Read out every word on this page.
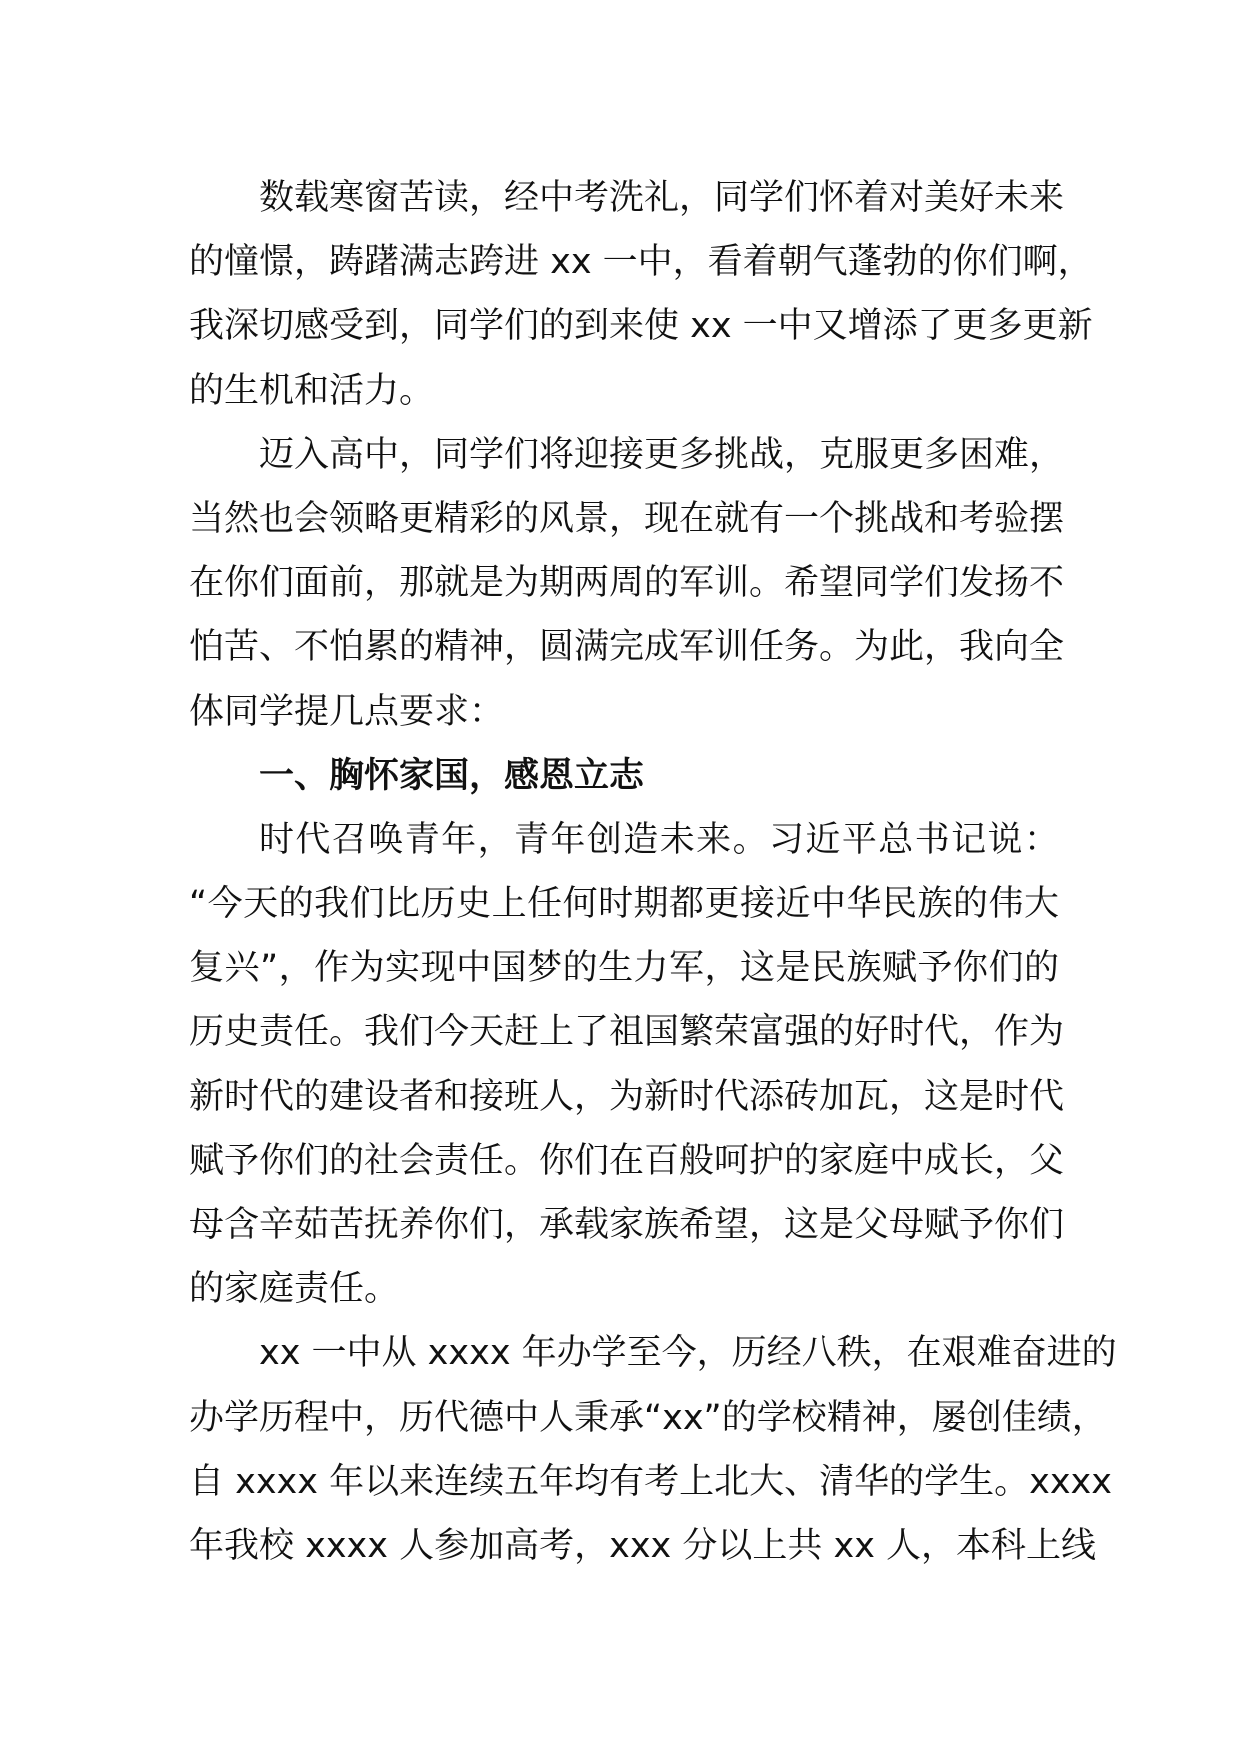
数载寒窗苦读，经中考洗礼，同学们怀着对美好未来
的憧憬，踌躇满志跨进 xx 一中，看着朝气蓬勃的你们啊，
我深切感受到，同学们的到来使 xx 一中又增添了更多更新
的生机和活力。
迈入高中，同学们将迎接更多挑战，克服更多困难，
当然也会领略更精彩的风景，现在就有一个挑战和考验摆
在你们面前，那就是为期两周的军训。希望同学们发扬不
怕苦、不怕累的精神，圆满完成军训任务。为此，我向全
体同学提几点要求：
一、胸怀家国，感恩立志
时代召唤青年，青年创造未来。习近平总书记说：
“今天的我们比历史上任何时期都更接近中华民族的伟大
复兴”，作为实现中国梦的生力军，这是民族赋予你们的
历史责任。我们今天赶上了祖国繁荣富强的好时代，作为
新时代的建设者和接班人，为新时代添砖加瓦，这是时代
赋予你们的社会责任。你们在百般呵护的家庭中成长，父
母含辛茹苦抚养你们，承载家族希望，这是父母赋予你们
的家庭责任。
xx 一中从 xxxx 年办学至今，历经八秩，在艰难奋进的
办学历程中，历代德中人秉承“xx”的学校精神，屡创佳绩，
自 xxxx 年以来连续五年均有考上北大、清华的学生。xxxx
年我校 xxxx 人参加高考，xxx 分以上共 xx 人，本科上线
